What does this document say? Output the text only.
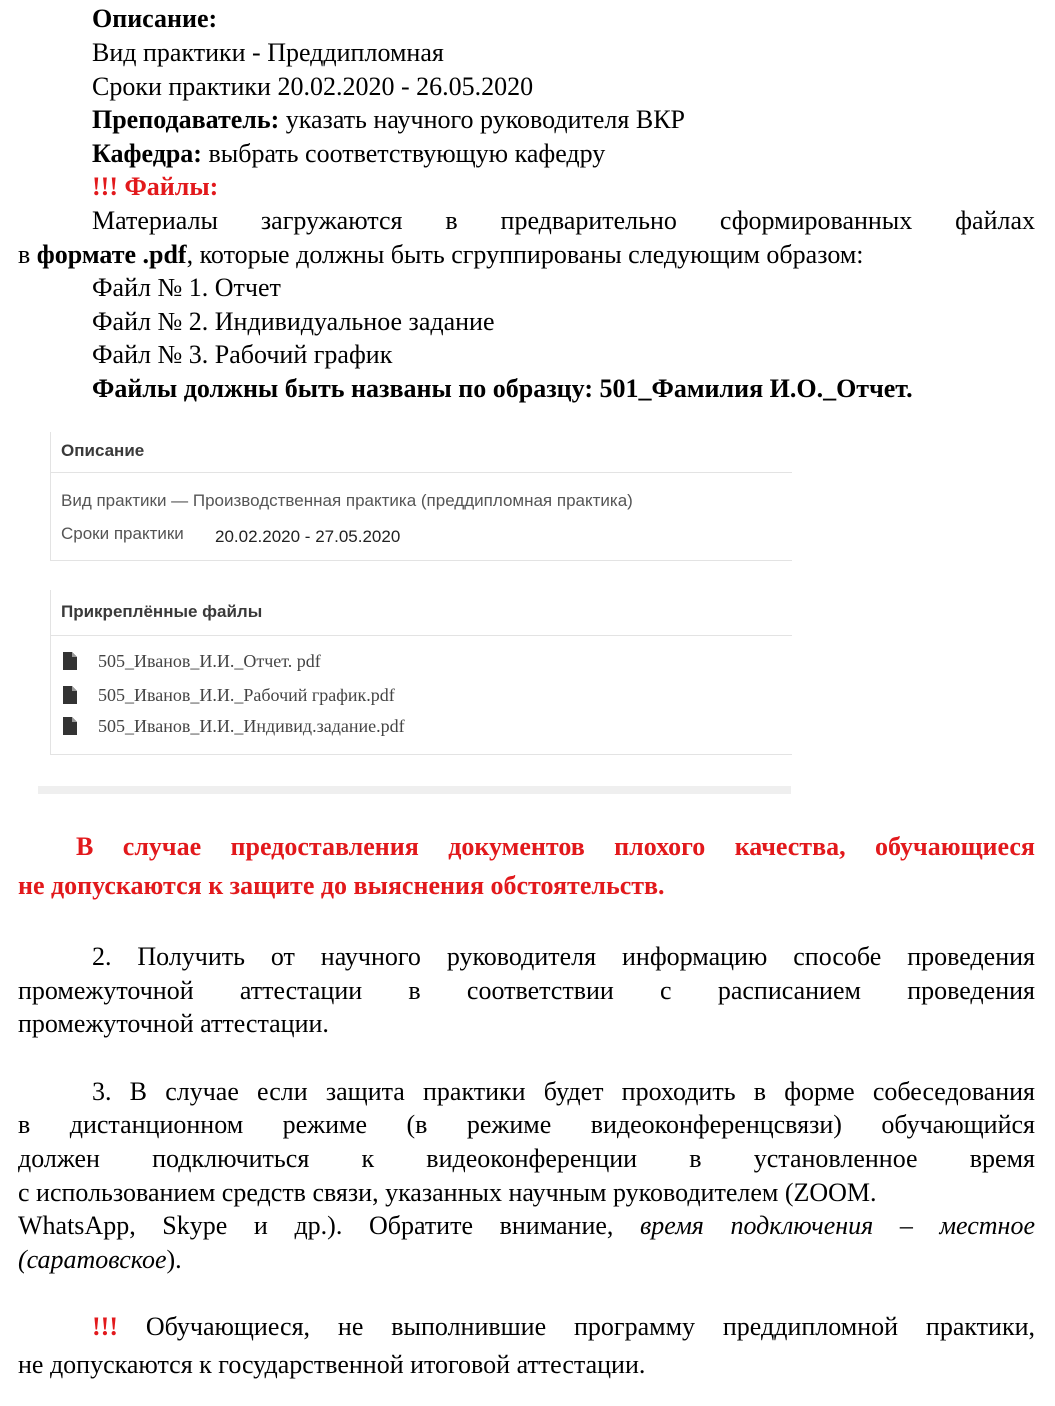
Описание:
Вид практики - Преддипломная
Сроки практики 20.02.2020 - 26.05.2020
Преподаватель: указать научного руководителя ВКР
Кафедра: выбрать соответствующую кафедру
!!! Файлы:
Материалы загружаются в предварительно сформированных файлах
в формате .pdf, которые должны быть сгруппированы следующим образом:
Файл № 1. Отчет
Файл № 2. Индивидуальное задание
Файл № 3. Рабочий график
Файлы должны быть названы по образцу: 501_Фамилия И.О._Отчет.
Описание
Вид практики — Производственная практика (преддипломная практика)
Сроки практики 20.02.2020 - 27.05.2020
Прикреплённые файлы
505_Иванов_И.И._Отчет. pdf
505_Иванов_И.И._Рабочий график.pdf
505_Иванов_И.И._Индивид.задание.pdf
В случае предоставления документов плохого качества, обучающиеся
не допускаются к защите до выяснения обстоятельств.
2. Получить от научного руководителя информацию способе проведения
промежуточной аттестации в соответствии с расписанием проведения
промежуточной аттестации.
3. В случае если защита практики будет проходить в форме собеседования
в дистанционном режиме (в режиме видеоконференцсвязи) обучающийся
должен подключиться к видеоконференции в установленное время
с использованием средств связи, указанных научным руководителем (ZOOM.
WhatsApp, Skype и др.). Обратите внимание, время подключения – местное
(саратовское).
!!! Обучающиеся, не выполнившие программу преддипломной практики,
не допускаются к государственной итоговой аттестации.
